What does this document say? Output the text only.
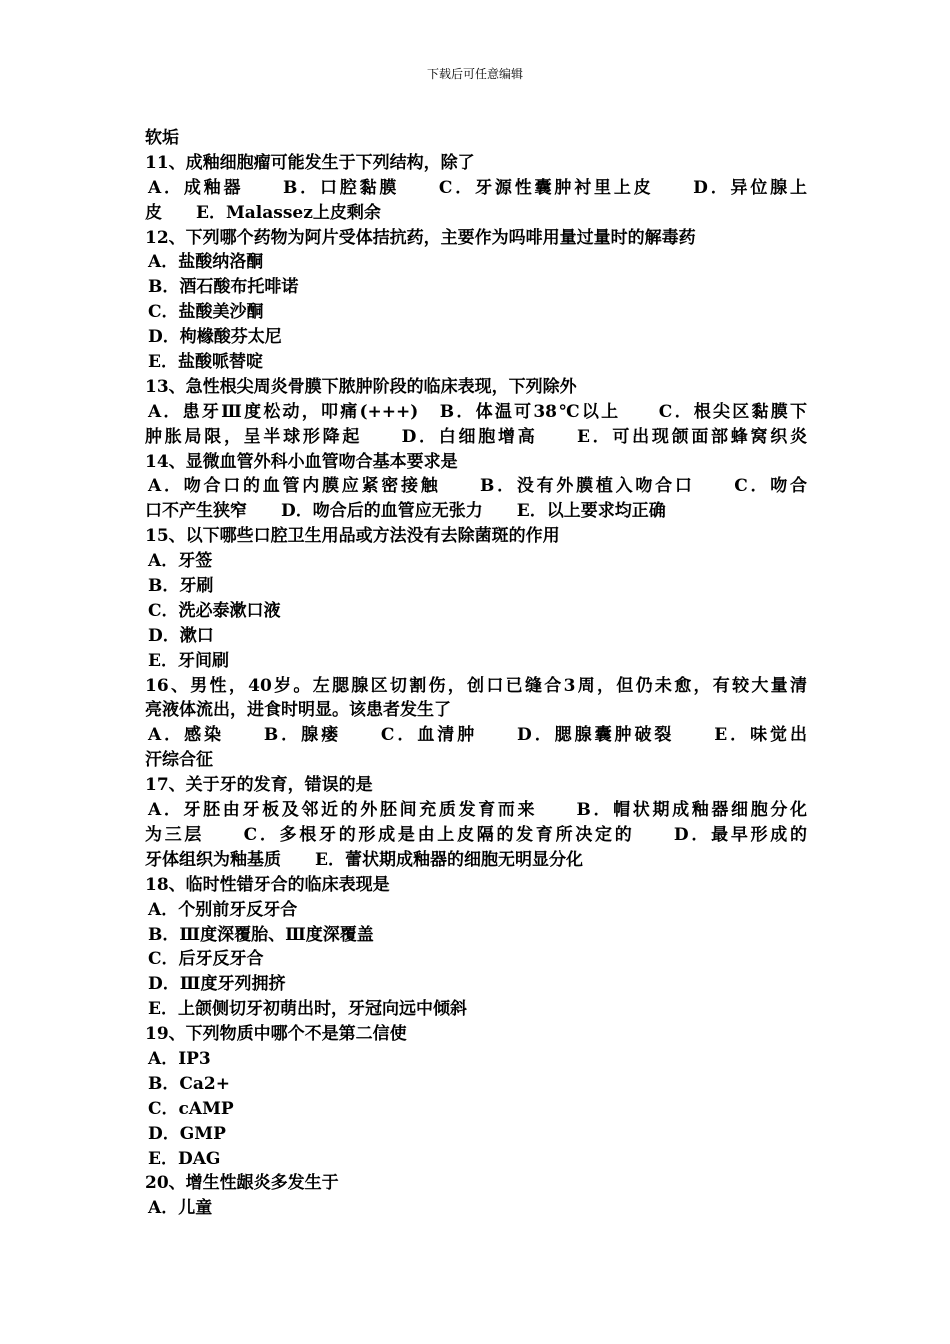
下载后可任意编辑
软垢
11、成釉细胞瘤可能发生于下列结构，除了
A．成釉器　　B．口腔黏膜　　C．牙源性囊肿衬里上皮　　D．异位腺上
皮　　E．Malassez上皮剩余
12、下列哪个药物为阿片受体拮抗药，主要作为吗啡用量过量时的解毒药
A．盐酸纳洛酮
B．酒石酸布托啡诺
C．盐酸美沙酮
D．枸橼酸芬太尼
E．盐酸哌替啶
13、急性根尖周炎骨膜下脓肿阶段的临床表现，下列除外
A．患牙Ⅲ度松动，叩痛(+++)　B．体温可38℃以上　　C．根尖区黏膜下
肿胀局限，呈半球形降起　　D．白细胞增高　　E．可出现颌面部蜂窝织炎
14、显微血管外科小血管吻合基本要求是
A．吻合口的血管内膜应紧密接触　　B．没有外膜植入吻合口　　C．吻合
口不产生狭窄　　D．吻合后的血管应无张力　　E．以上要求均正确
15、以下哪些口腔卫生用品或方法没有去除菌斑的作用
A．牙签
B．牙刷
C．洗必泰漱口液
D．漱口
E．牙间刷
16、男性，40岁。左腮腺区切割伤，创口已缝合3周，但仍未愈，有较大量清
亮液体流出，进食时明显。该患者发生了
A．感染　　B．腺瘘　　C．血清肿　　D．腮腺囊肿破裂　　E．味觉出
汗综合征
17、关于牙的发育，错误的是
A．牙胚由牙板及邻近的外胚间充质发育而来　　B．帽状期成釉器细胞分化
为三层　　C．多根牙的形成是由上皮隔的发育所决定的　　D．最早形成的
牙体组织为釉基质　　E．蕾状期成釉器的细胞无明显分化
18、临时性错牙合的临床表现是
A．个别前牙反牙合
B．Ⅲ度深覆胎、Ⅲ度深覆盖
C．后牙反牙合
D．Ⅲ度牙列拥挤
E．上颌侧切牙初萌出时，牙冠向远中倾斜
19、下列物质中哪个不是第二信使
A．IP3
B．Ca2+
C．cAMP
D．GMP
E．DAG
20、增生性龈炎多发生于
A．儿童
